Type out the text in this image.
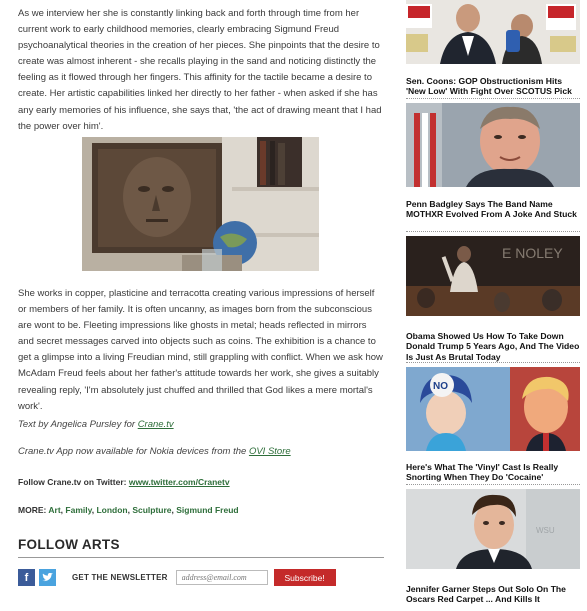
As we interview her she is constantly linking back and forth through time from her current work to early childhood memories, clearly embracing Sigmund Freud psychoanalytical theories in the creation of her pieces. She pinpoints that the desire to create was almost inherent - she recalls playing in the sand and noticing distinctly the feeling as it flowed through her fingers. This affinity for the tactile became a desire to create. Her artistic capabilities linked her directly to her father - when asked if she has any early memories of his influence, she says that, 'the act of drawing meant that I had the power over him'.

She works in copper, plasticine and terracotta creating various impressions of herself or members of her family. It is often uncanny, as images born from the subconscious are wont to be. Fleeting impressions like ghosts in metal; heads reflected in mirrors and secret messages carved into objects such as coins. The exhibition is a chance to get a glimpse into a living Freudian mind, still grappling with conflict. When we ask how McAdam Freud feels about her father's attitude towards her work, she gives a suitably revealing reply, 'I'm absolutely just chuffed and thrilled that God likes a mere mortal's work'.

Text by Angelica Pursley for Crane.tv
Crane.tv App now available for Nokia devices from the OVI Store
Follow Crane.tv on Twitter: www.twitter.com/Cranetv
MORE: Art, Family, London, Sculpture, Sigmund Freud
FOLLOW ARTS
f	GET THE NEWSLETTER
address@email.com	Subscribe!
Sen. Coons: GOP Obstructionism Hits 'New Low' With Fight Over SCOTUS Pick
Penn Badgley Says The Band Name MOTHXR Evolved From A Joke And Stuck
E NOLEY
Obama Showed Us How To Take Down Donald Trump 5 Years Ago, And The Video Is Just As Brutal Today
NO
Here's What The 'Vinyl' Cast Is Really Snorting When They Do 'Cocaine'
WSU
Jennifer Garner Steps Out Solo On The Oscars Red Carpet ... And Kills It
